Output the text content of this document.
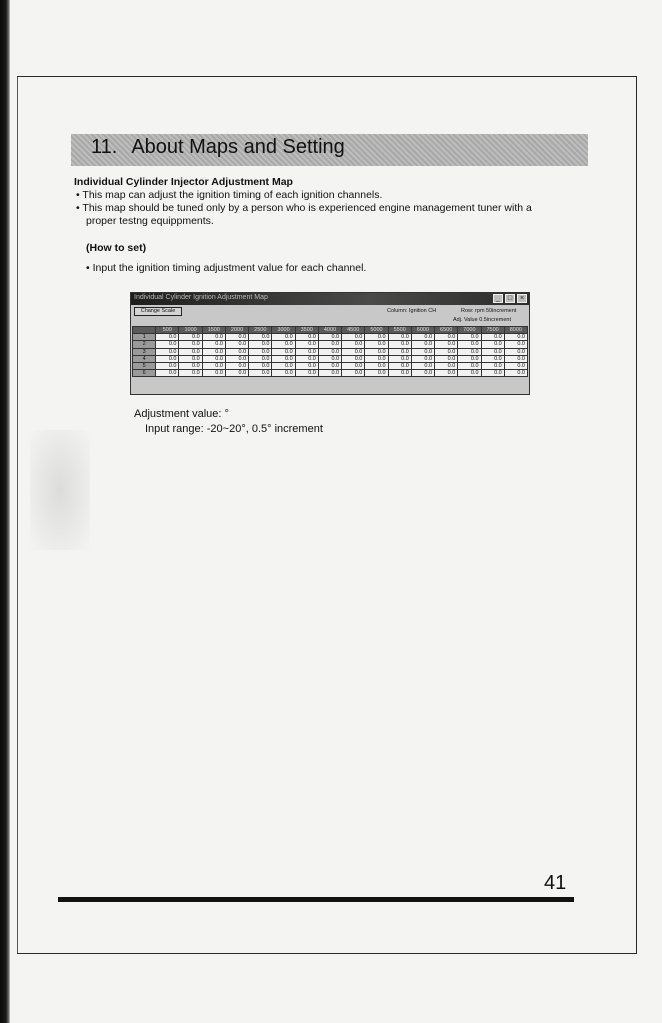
11. About Maps and Setting
Individual Cylinder Injector Adjustment Map
• This map can adjust the ignition timing of each ignition channels.
• This map should be tuned only by a person who is experienced engine management tuner with a
proper testng equippments.
(How to set)
• Input the ignition timing adjustment value for each channel.
Individual Cylinder Ignition Adjustment Map	_	□	×
Change Scale	Column: Ignition CH	Row: rpm 50increment
Adj. Value 0.5increment
	500	1000	1500	2000	2500	3000	3500	4000	4500	5000	5500	6000	6500	7000	7500	8000
1	0.0	0.0	0.0	0.0	0.0	0.0	0.0	0.0	0.0	0.0	0.0	0.0	0.0	0.0	0.0	0.0
2	0.0	0.0	0.0	0.0	0.0	0.0	0.0	0.0	0.0	0.0	0.0	0.0	0.0	0.0	0.0	0.0
3	0.0	0.0	0.0	0.0	0.0	0.0	0.0	0.0	0.0	0.0	0.0	0.0	0.0	0.0	0.0	0.0
4	0.0	0.0	0.0	0.0	0.0	0.0	0.0	0.0	0.0	0.0	0.0	0.0	0.0	0.0	0.0	0.0
5	0.0	0.0	0.0	0.0	0.0	0.0	0.0	0.0	0.0	0.0	0.0	0.0	0.0	0.0	0.0	0.0
6	0.0	0.0	0.0	0.0	0.0	0.0	0.0	0.0	0.0	0.0	0.0	0.0	0.0	0.0	0.0	0.0
Adjustment value: °
Input range: -20~20°, 0.5° increment
41
